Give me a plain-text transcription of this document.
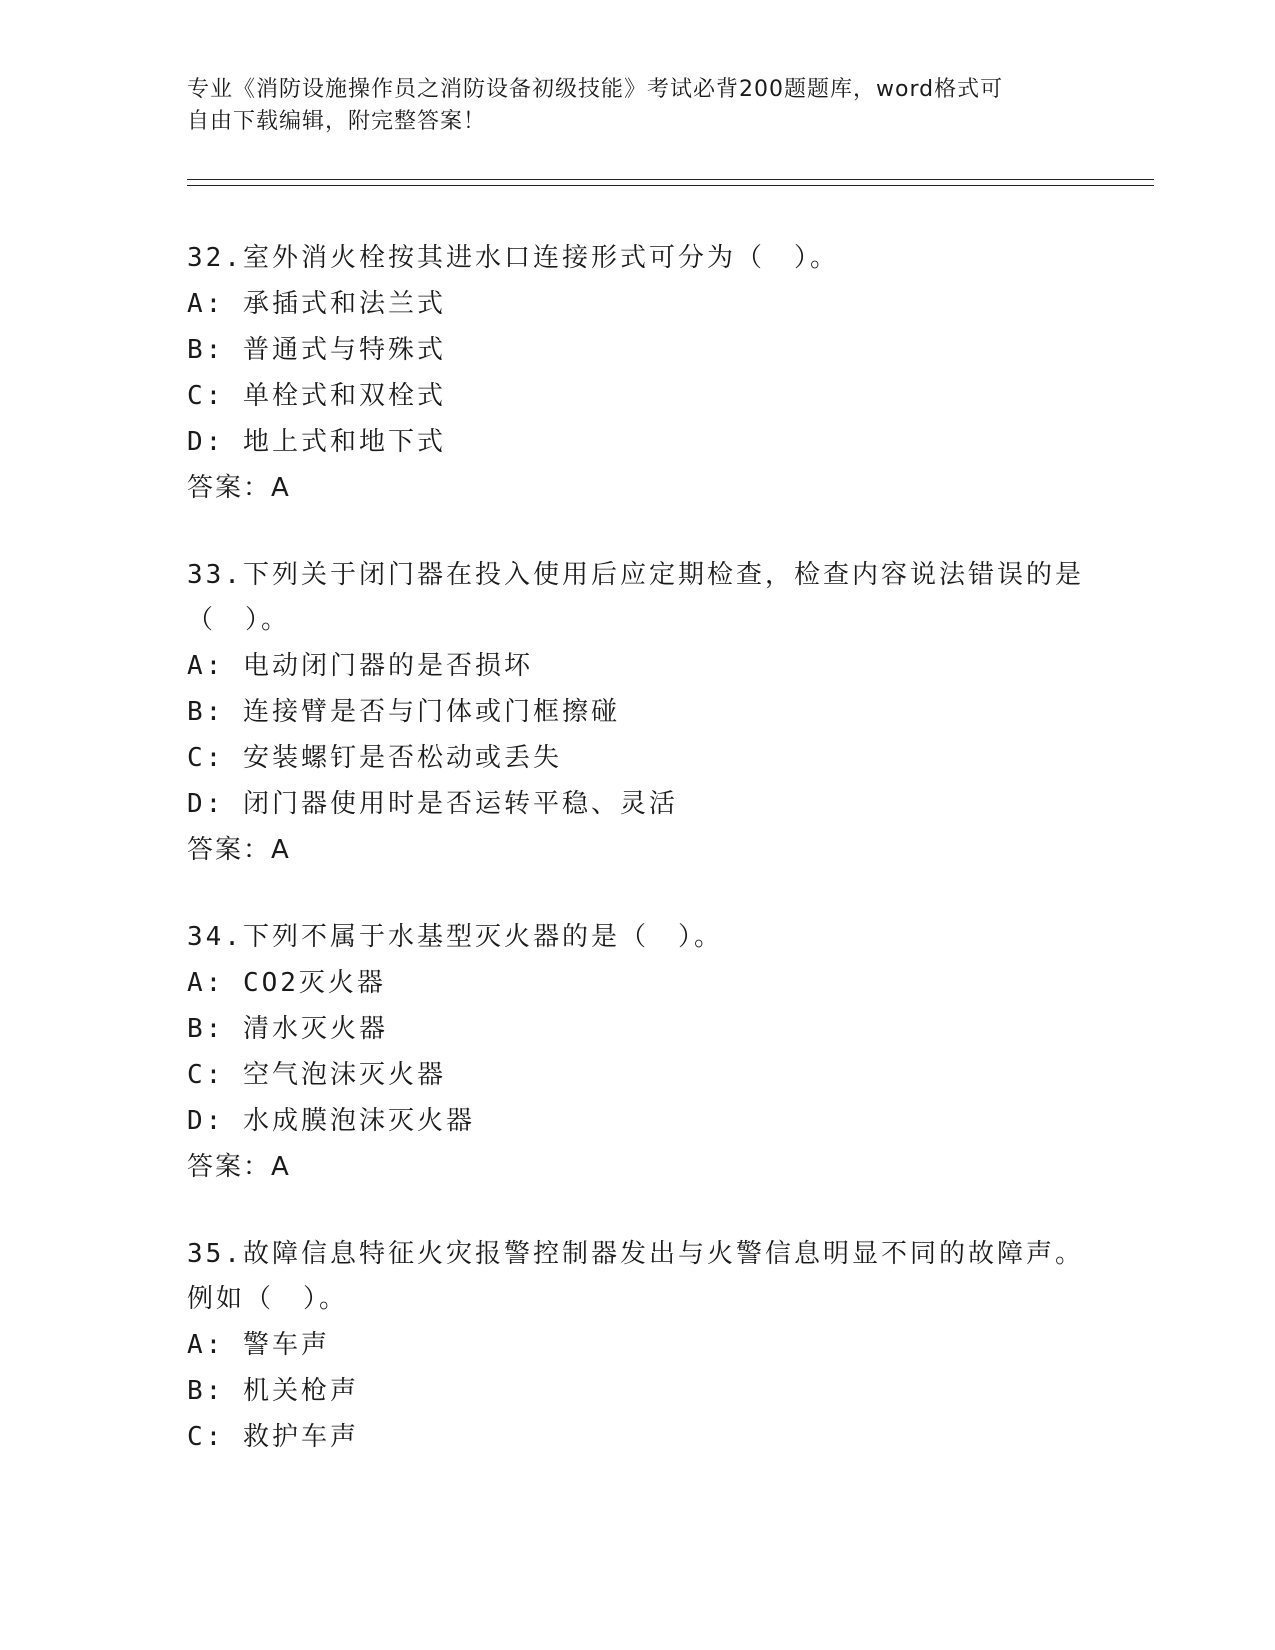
专业《消防设施操作员之消防设备初级技能》考试必背200题题库，word格式可
自由下载编辑，附完整答案！

32.室外消火栓按其进水口连接形式可分为（　）。

A: 承插式和法兰式

B: 普通式与特殊式

C: 单栓式和双栓式

D: 地上式和地下式

答案：A

33.下列关于闭门器在投入使用后应定期检查，检查内容说法错误的是（　）。

A: 电动闭门器的是否损坏

B: 连接臂是否与门体或门框擦碰

C: 安装螺钉是否松动或丢失

D: 闭门器使用时是否运转平稳、灵活

答案：A

34.下列不属于水基型灭火器的是（　）。

A: CO2灭火器

B: 清水灭火器

C: 空气泡沫灭火器

D: 水成膜泡沫灭火器

答案：A

35.故障信息特征火灾报警控制器发出与火警信息明显不同的故障声。例如（　）。

A: 警车声

B: 机关枪声

C: 救护车声
